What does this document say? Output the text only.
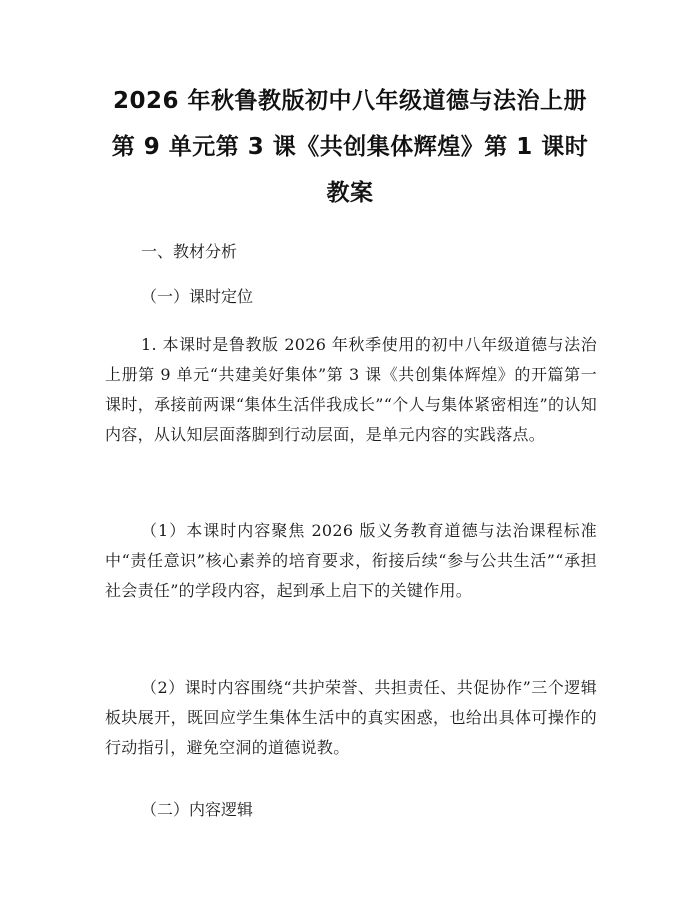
2026 年秋鲁教版初中八年级道德与法治上册
第 9 单元第 3 课《共创集体辉煌》第 1 课时
教案

一、教材分析

（一）课时定位

1. 本课时是鲁教版 2026 年秋季使用的初中八年级道德与法治上册第 9 单元“共建美好集体”第 3 课《共创集体辉煌》的开篇第一课时，承接前两课“集体生活伴我成长”“个人与集体紧密相连”的认知内容，从认知层面落脚到行动层面，是单元内容的实践落点。

（1）本课时内容聚焦 2026 版义务教育道德与法治课程标准中“责任意识”核心素养的培育要求，衔接后续“参与公共生活”“承担社会责任”的学段内容，起到承上启下的关键作用。

（2）课时内容围绕“共护荣誉、共担责任、共促协作”三个逻辑板块展开，既回应学生集体生活中的真实困惑，也给出具体可操作的行动指引，避免空洞的道德说教。

（二）内容逻辑
